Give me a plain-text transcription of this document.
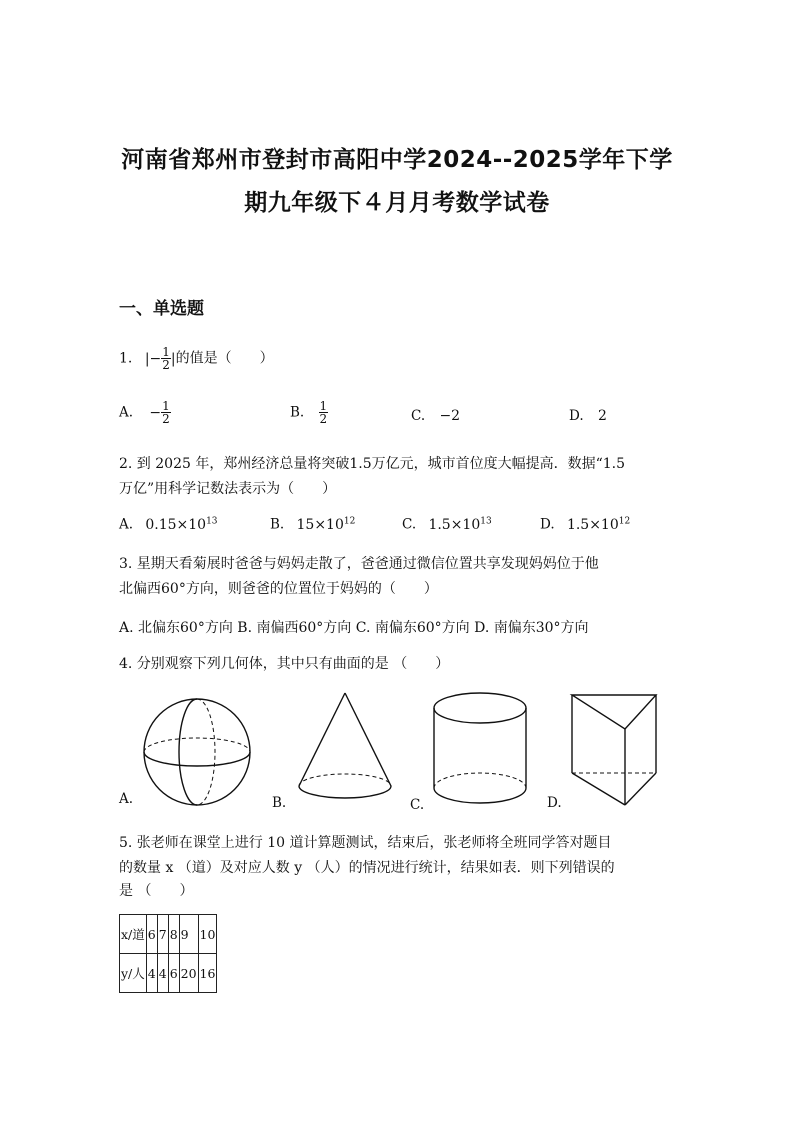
河南省郑州市登封市高阳中学2024--2025学年下学
期九年级下４月月考数学试卷
一、单选题
1. |− $\frac{1}{2}$ |的值是（　　）
A. − $\frac{1}{2}$	B. $\frac{1}{2}$	C. −2	D. 2
2. 到 2025 年，郑州经济总量将突破1.5万亿元，城市首位度大幅提高．数据“1.5
万亿”用科学记数法表示为（　　）
A. $0.15\times 10^{13}$	B. $15\times 10^{12}$	C. $1.5\times 10^{13}$	D. $1.5\times 10^{12}$
3. 星期天看菊展时爸爸与妈妈走散了，爸爸通过微信位置共享发现妈妈位于他
北偏西60°方向，则爸爸的位置位于妈妈的（　　）
A. 北偏东60°方向 B. 南偏西60°方向 C. 南偏东60°方向 D. 南偏东30°方向
4. 分别观察下列几何体，其中只有曲面的是 （　　）
A.	B.	C.	D.
5. 张老师在课堂上进行 10 道计算题测试，结束后，张老师将全班同学答对题目
的数量 x （道）及对应人数 y （人）的情况进行统计，结果如表．则下列错误的
是 （　　）
x/道	6	7	8	9	10
y/人	4	4	6	20	16
